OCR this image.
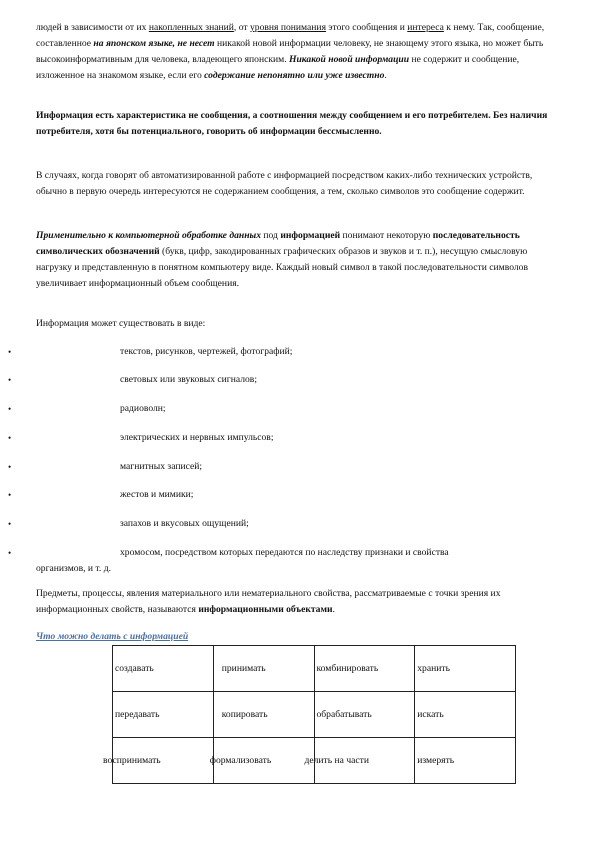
людей в зависимости от их накопленных знаний, от уровня понимания этого сообщения и интереса к нему. Так, сообщение, составленное на японском языке, не несет никакой новой информации человеку, не знающему этого языка, но может быть высокоинформативным для человека, владеющего японским. Никакой новой информации не содержит и сообщение, изложенное на знакомом языке, если его содержание непонятно или уже известно.

Информация есть характеристика не сообщения, а соотношения между сообщением и его потребителем. Без наличия потребителя, хотя бы потенциального, говорить об информации бессмысленно.

В случаях, когда говорят об автоматизированной работе с информацией посредством каких-либо технических устройств, обычно в первую очередь интересуются не содержанием сообщения, а тем, сколько символов это сообщение содержит.

Применительно к компьютерной обработке данных под информацией понимают некоторую последовательность символических обозначений (букв, цифр, закодированных графических образов и звуков и т. п.), несущую смысловую нагрузку и представленную в понятном компьютеру виде. Каждый новый символ в такой последовательности символов увеличивает информационный объем сообщения.

Информация может существовать в виде:

•	текстов, рисунков, чертежей, фотографий;

•	световых или звуковых сигналов;

•	радиоволн;

•	электрических и нервных импульсов;

•	магнитных записей;

•	жестов и мимики;

•	запахов и вкусовых ощущений;

•	хромосом, посредством которых передаются по наследству признаки и свойства

организмов, и т. д.

Предметы, процессы, явления материального или нематериального свойства, рассматриваемые с точки зрения их информационных свойств, называются информационными объектами.

Что можно делать с информацией

создавать	принимать	комбинировать	хранить
передавать	копировать	обрабатывать	искать
воспринимать	формализовать	делить на части	измерять
